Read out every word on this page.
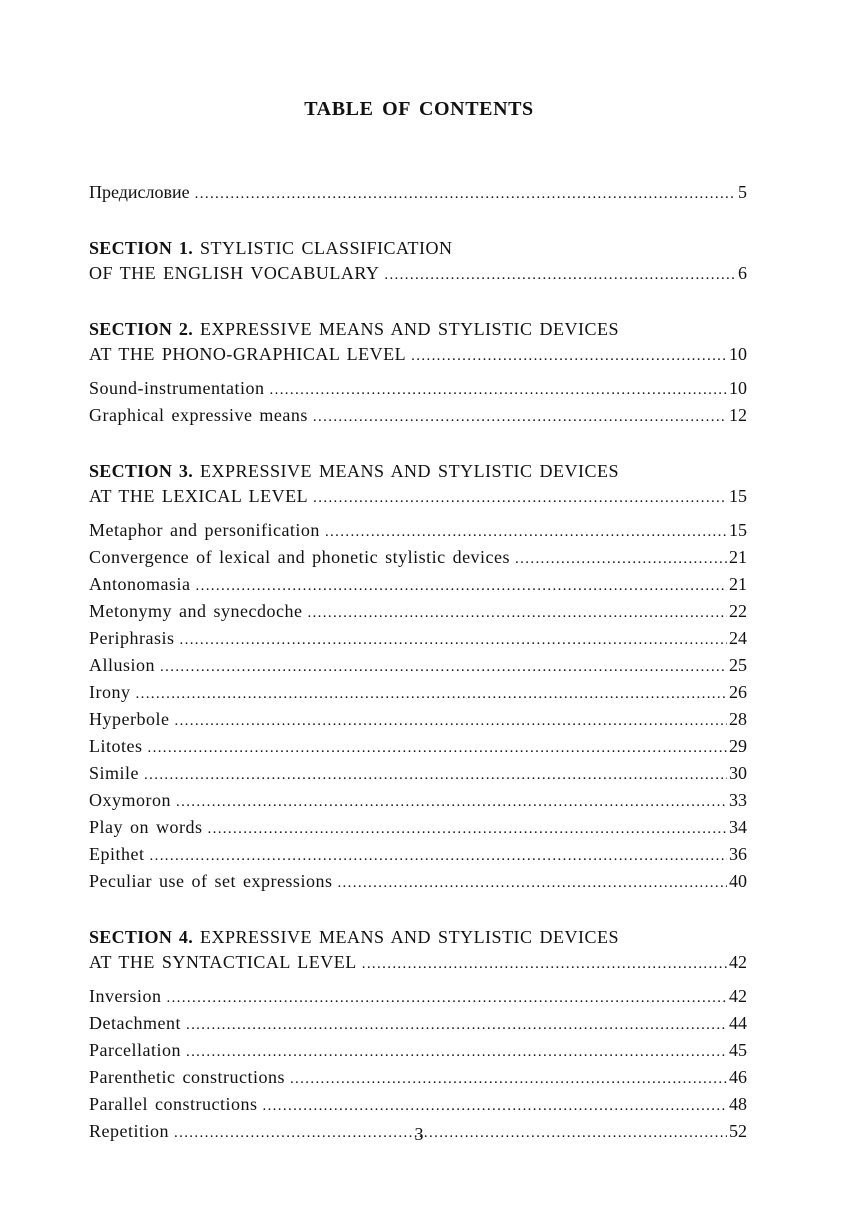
TABLE OF CONTENTS
Предисловие . . .	5
SECTION 1. STYLISTIC CLASSIFICATION
OF THE ENGLISH VOCABULARY . . .	6
SECTION 2. EXPRESSIVE MEANS AND STYLISTIC DEVICES
AT THE PHONO-GRAPHICAL LEVEL . . .	10
Sound-instrumentation . . .	10
Graphical expressive means . . .	12
SECTION 3. EXPRESSIVE MEANS AND STYLISTIC DEVICES
AT THE LEXICAL LEVEL . . .	15
Metaphor and personification . . .	15
Convergence of lexical and phonetic stylistic devices . . .	21
Antonomasia . . .	21
Metonymy and synecdoche . . .	22
Periphrasis . . .	24
Allusion . . .	25
Irony . . .	26
Hyperbole . . .	28
Litotes . . .	29
Simile . . .	30
Oxymoron . . .	33
Play on words . . .	34
Epithet . . .	36
Peculiar use of set expressions . . .	40
SECTION 4. EXPRESSIVE MEANS AND STYLISTIC DEVICES
AT THE SYNTACTICAL LEVEL . . .	42
Inversion . . .	42
Detachment . . .	44
Parcellation . . .	45
Parenthetic constructions . . .	46
Parallel constructions . . .	48
Repetition . . .	52
3
